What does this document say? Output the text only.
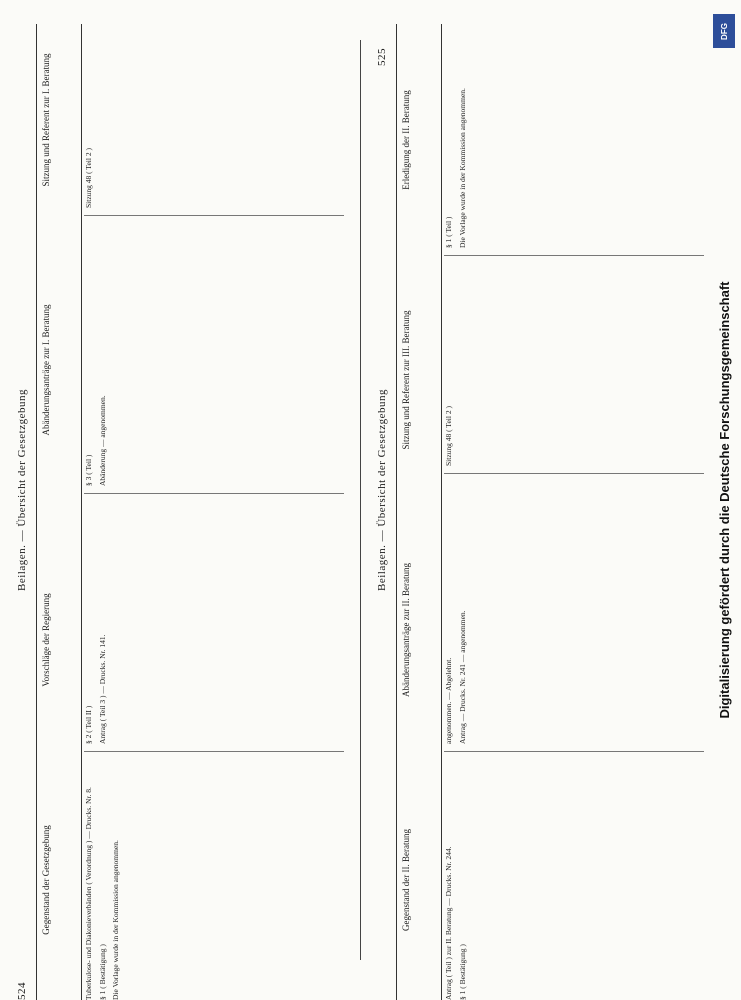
524
Beilagen. — Übersicht der Gesetzgebung
Gegenstand der Gesetzgebung
Vorschläge der Regierung
Abänderungsanträge zur I. Beratung
Sitzung und Referent zur I. Beratung

Tuberkulose- und Diakonieverbänden ( Verordnung ) — Drucks. Nr. 8. § 1 ( Bestätigung ) Die Vorlage wurde in der Kommission angenommen.

§ 2 ( Teil II ) Antrag ( Teil 3 ) — Drucks. Nr. 141.

§ 3 ( Teil ) Abänderung — angenommen.

Sitzung 48 ( Teil 2 )

Beilagen. — Übersicht der Gesetzgebung
525
Gegenstand der II. Beratung
Abänderungsanträge zur II. Beratung
Sitzung und Referent zur III. Beratung
Erledigung der II. Beratung

Antrag ( Teil ) zur II. Beratung — Drucks. Nr. 244. § 1 ( Bestätigung )

angenommen. — Abgelehnt. Antrag — Drucks. Nr. 241 — angenommen.

Sitzung 48 ( Teil 2 )

§ 1 ( Teil ) Die Vorlage wurde in der Kommission angenommen.

Digitalisierung gefördert durch die Deutsche Forschungsgemeinschaft
DFG
